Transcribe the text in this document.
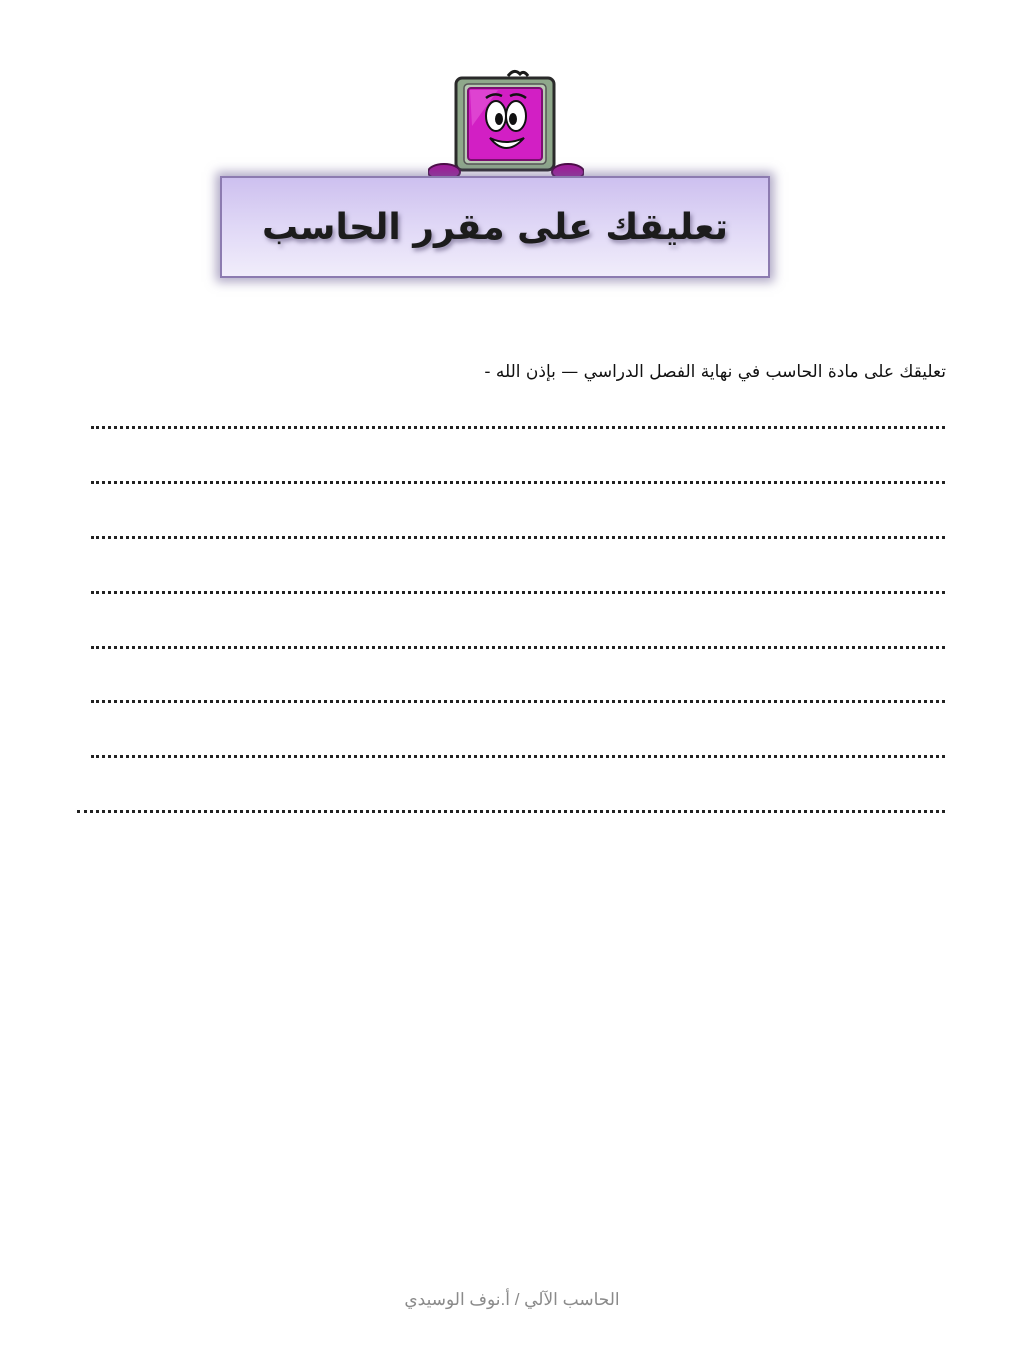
تعليقك على مقرر الحاسب
تعليقك على مادة الحاسب في نهاية الفصل الدراسي — بإذن الله -
الحاسب الآلي / أ.نوف الوسيدي
